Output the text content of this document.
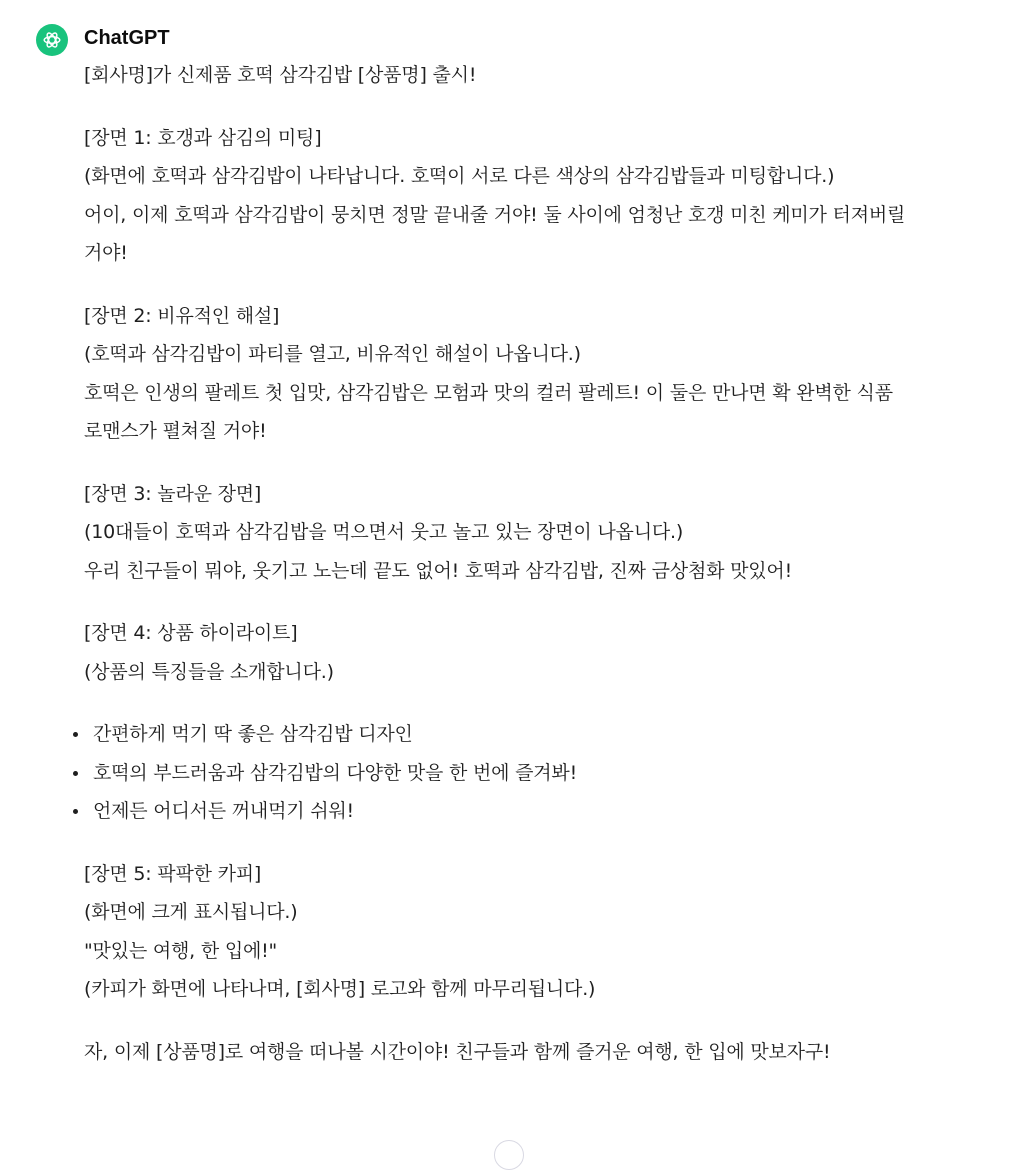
ChatGPT

[회사명]가 신제품 호떡 삼각김밥 [상품명] 출시!

[장면 1: 호갱과 삼김의 미팅]
(화면에 호떡과 삼각김밥이 나타납니다. 호떡이 서로 다른 색상의 삼각김밥들과 미팅합니다.)
어이, 이제 호떡과 삼각김밥이 뭉치면 정말 끝내줄 거야! 둘 사이에 엄청난 호갱 미친 케미가 터져버릴 거야!

[장면 2: 비유적인 해설]
(호떡과 삼각김밥이 파티를 열고, 비유적인 해설이 나옵니다.)
호떡은 인생의 팔레트 첫 입맛, 삼각김밥은 모험과 맛의 컬러 팔레트! 이 둘은 만나면 확 완벽한 식품 로맨스가 펼쳐질 거야!

[장면 3: 놀라운 장면]
(10대들이 호떡과 삼각김밥을 먹으면서 웃고 놀고 있는 장면이 나옵니다.)
우리 친구들이 뭐야, 웃기고 노는데 끝도 없어! 호떡과 삼각김밥, 진짜 금상첨화 맛있어!

[장면 4: 상품 하이라이트]
(상품의 특징들을 소개합니다.)

간편하게 먹기 딱 좋은 삼각김밥 디자인
호떡의 부드러움과 삼각김밥의 다양한 맛을 한 번에 즐겨봐!
언제든 어디서든 꺼내먹기 쉬워!

[장면 5: 팍팍한 카피]
(화면에 크게 표시됩니다.)
"맛있는 여행, 한 입에!"
(카피가 화면에 나타나며, [회사명] 로고와 함께 마무리됩니다.)

자, 이제 [상품명]로 여행을 떠나볼 시간이야! 친구들과 함께 즐거운 여행, 한 입에 맛보자구!
